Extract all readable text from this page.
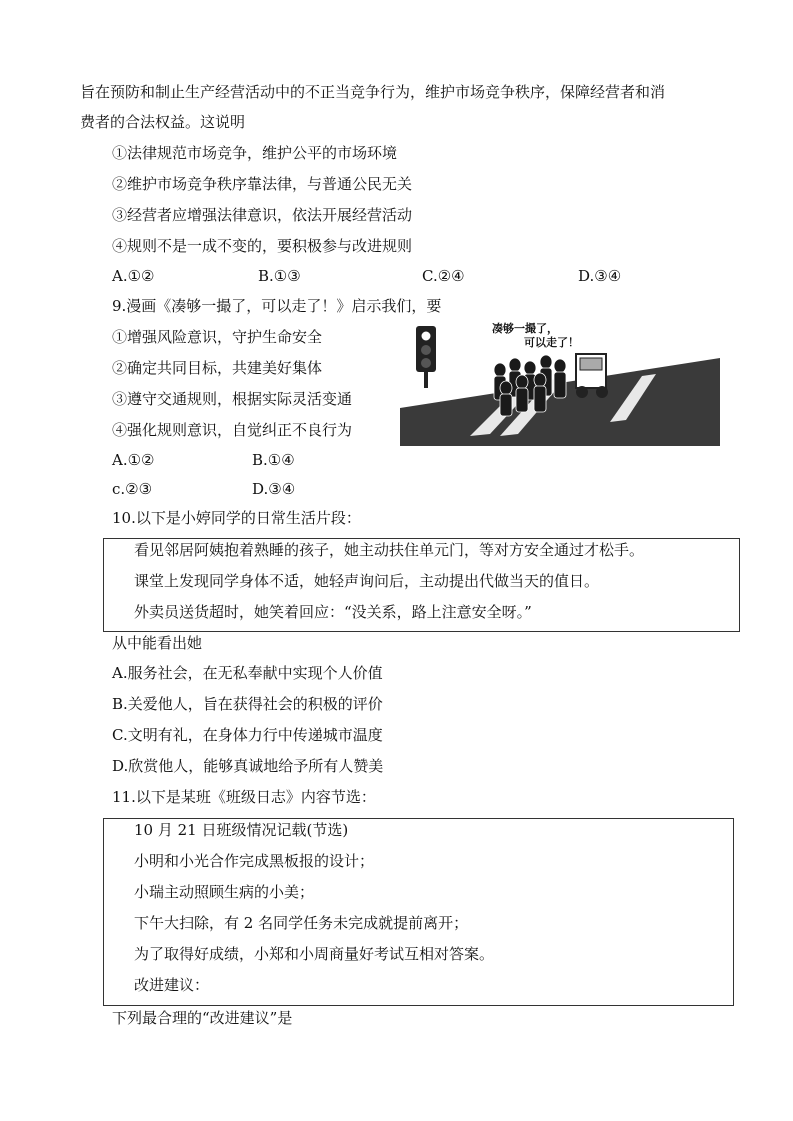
旨在预防和制止生产经营活动中的不正当竞争行为，维护市场竞争秩序，保障经营者和消
费者的合法权益。这说明
①法律规范市场竞争，维护公平的市场环境
②维护市场竞争秩序靠法律，与普通公民无关
③经营者应增强法律意识，依法开展经营活动
④规则不是一成不变的，要积极参与改进规则
A.①②	B.①③	C.②④	D.③④
9.漫画《凑够一撮了，可以走了！》启示我们，要
①增强风险意识，守护生命安全
②确定共同目标，共建美好集体
③遵守交通规则，根据实际灵活变通
④强化规则意识，自觉纠正不良行为
A.①②	B.①④
c.②③	D.③④
凑够一撮了，
可以走了！
10.以下是小婷同学的日常生活片段：
看见邻居阿姨抱着熟睡的孩子，她主动扶住单元门，等对方安全通过才松手。
课堂上发现同学身体不适，她轻声询问后，主动提出代做当天的值日。
外卖员送货超时，她笑着回应：“没关系，路上注意安全呀。”
从中能看出她
A.服务社会，在无私奉献中实现个人价值
B.关爱他人，旨在获得社会的积极的评价
C.文明有礼，在身体力行中传递城市温度
D.欣赏他人，能够真诚地给予所有人赞美
11.以下是某班《班级日志》内容节选：
10 月 21 日班级情况记载(节选)
小明和小光合作完成黑板报的设计；
小瑞主动照顾生病的小美；
下午大扫除，有 2 名同学任务未完成就提前离开；
为了取得好成绩，小郑和小周商量好考试互相对答案。
改进建议：
下列最合理的“改进建议”是
